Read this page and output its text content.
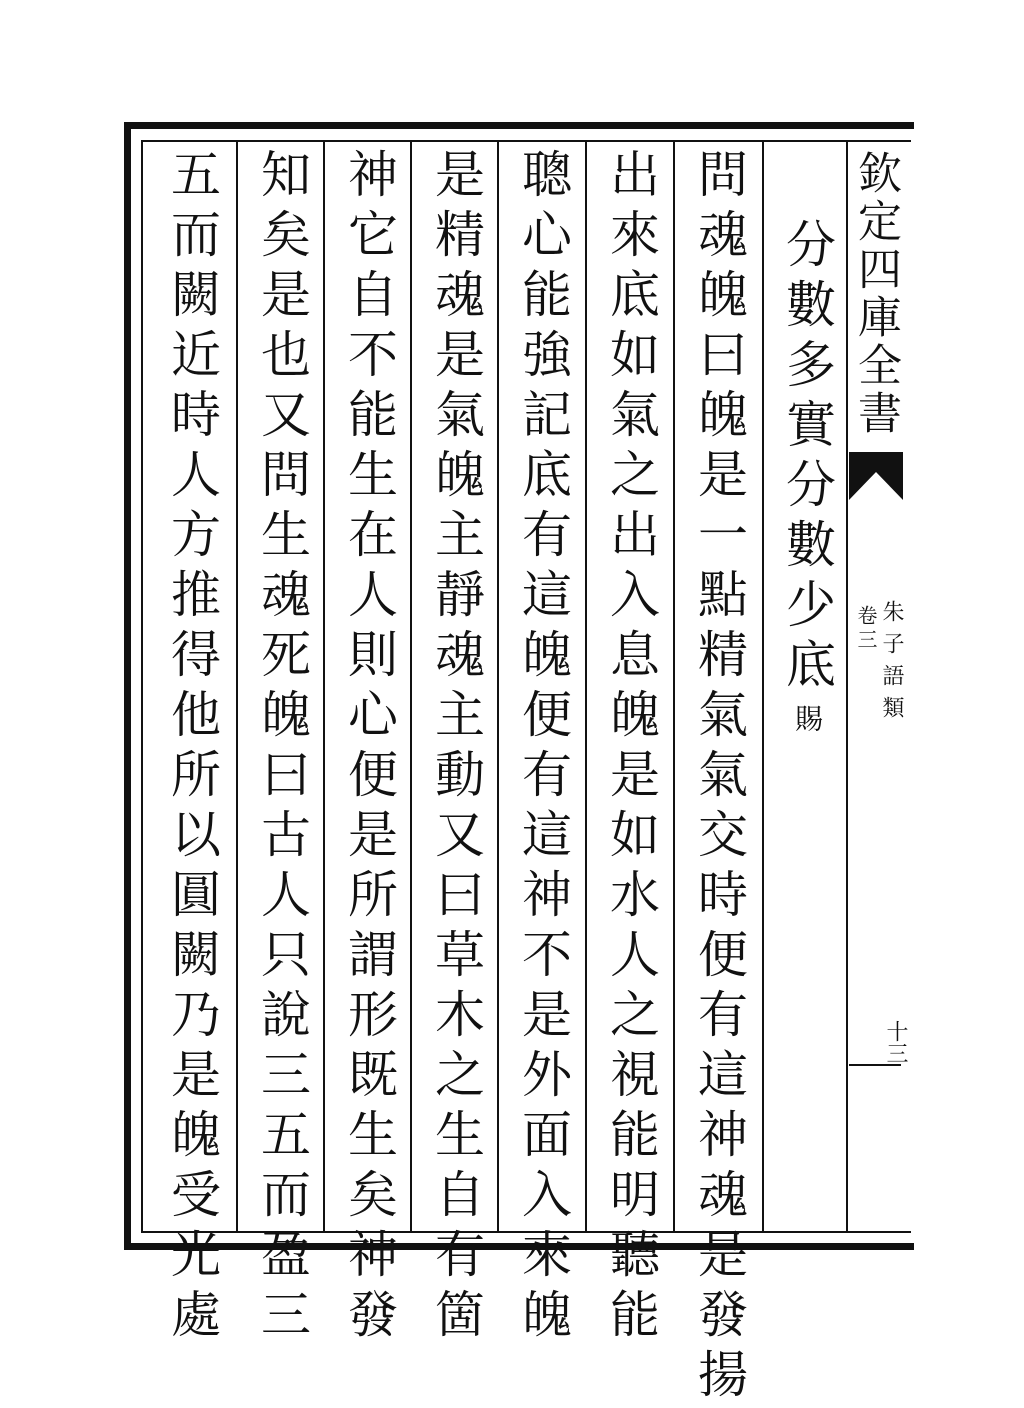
分數多實分數少底
賜
問魂魄曰魄是一點精氣氣交時便有這神魂是發揚
出來底如氣之出入息魄是如水人之視能明聽能
聰心能強記底有這魄便有這神不是外面入來魄
是精魂是氣魄主靜魂主動又曰草木之生自有箇
神它自不能生在人則心便是所謂形既生矣神發
知矣是也又問生魂死魄曰古人只說三五而盈三
五而闕近時人方推得他所以圓闕乃是魄受光處	欽定四庫全書
朱子語類
卷三
十三
